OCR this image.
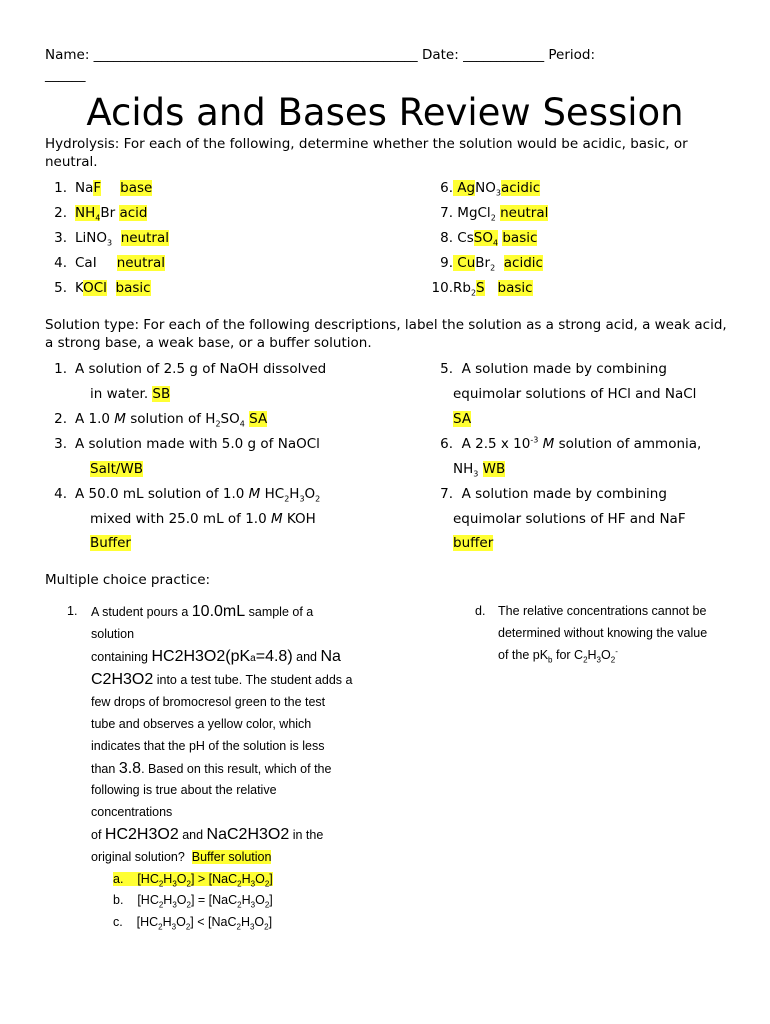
Name: ________________________________________________ Date: ____________ Period:
______
Acids and Bases Review Session
Hydrolysis: For each of the following, determine whether the solution would be acidic, basic, or neutral.
1. NaF base
2. $NH_4Br$ acid
3. LiNO$_3$ neutral
4. CaI neutral
5. KOCl basic
6. AgNO$_3$acidic
7. MgCl$_2$ neutral
8. CsSO$_4$ basic
9. CuBr$_2$ acidic
$10.Rb_2S$ basic
Solution type: For each of the following descriptions, label the solution as a strong acid, a weak acid, a strong base, a weak base, or a buffer solution.
1. A solution of 2.5 g of NaOH dissolved
in water. SB
2. A 1.0 M solution of $H_2SO_4$ SA
3. A solution made with 5.0 g of NaOCl
Salt/WB
4. A 50.0 mL solution of 1.0 M $HC_2H_3O_2$
mixed with 25.0 mL of 1.0 M KOH
Buffer
5. A solution made by combining
equimolar solutions of HCl and NaCl
SA
6.  A 2.5 x $10^{-3}$ M solution of ammonia,
$NH_3$ WB
7. A solution made by combining
equimolar solutions of HF and NaF
buffer
Multiple choice practice:
1. A student pours a 10.0mL sample of a
solution
containing HC2H3O2(pKa=4.8) and Na
C2H3O2 into a test tube. The student adds a
few drops of bromocresol green to the test
tube and observes a yellow color, which
indicates that the pH of the solution is less
than 3.8. Based on this result, which of the
following is true about the relative
concentrations
of HC2H3O2 and NaC2H3O2 in the
original solution?  Buffer solution
a.    $[HC_2H_3O_2] > [NaC_2H_3O_2]$
b.    $[HC_2H_3O_2] = [NaC_2H_3O_2]$
c.    $[HC_2H_3O_2] < [NaC_2H_3O_2]$
d. The relative concentrations cannot be
determined without knowing the value
of the $pK_b$ for $C_2H_3O_2^-$
